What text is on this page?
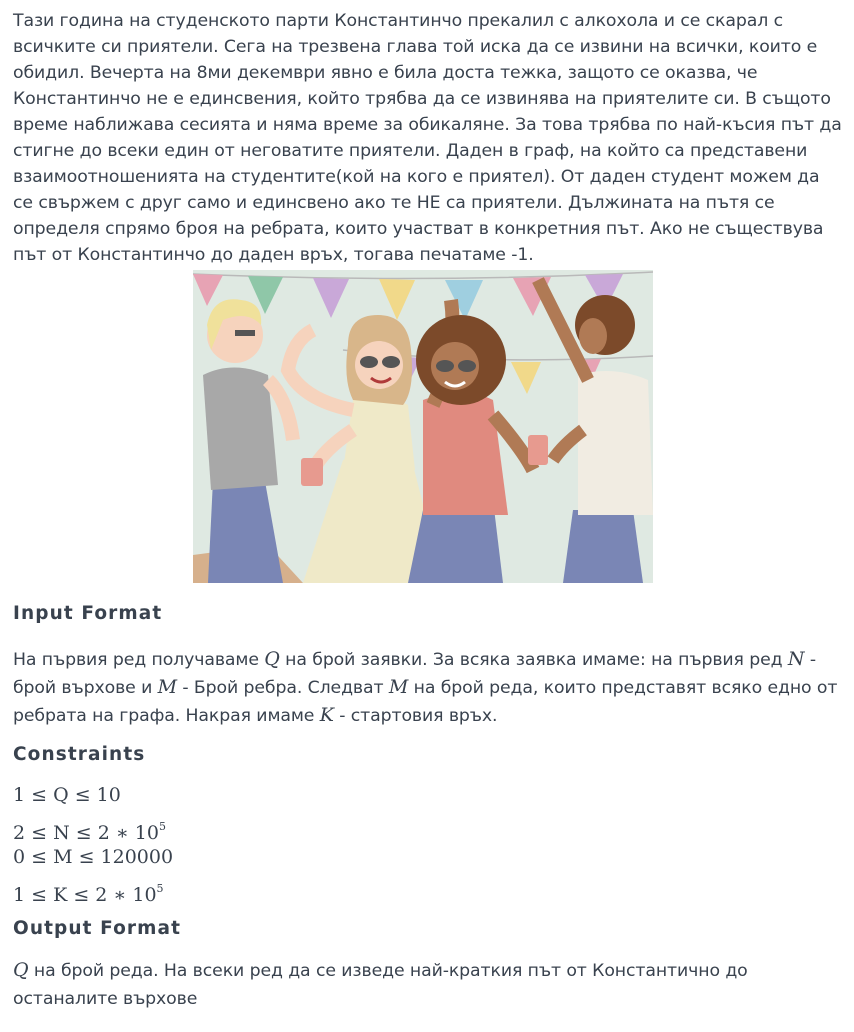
Тази година на студенското парти Константинчо прекалил с алкохола и се скарал с всичките си приятели. Сега на трезвена глава той иска да се извини на всички, които е обидил. Вечерта на 8ми декември явно е била доста тежка, защото се оказва, че Константинчо не е единсвения, който трябва да се извинява на приятелите си. В същото време наближава сесията и няма време за обикаляне. За това трябва по най-късия път да стигне до всеки един от неговатите приятели. Даден в граф, на който са представени взаимоотношенията на студентите(кой на кого е приятел). От даден студент можем да се свържем с друг само и единсвено ако те НЕ са приятели. Дължината на пътя се определя спрямо броя на ребрата, които участват в конкретния път. Ако не съществува път от Константинчо до даден връх, тогава печатаме -1.

Input Format

На първия ред получаваме Q на брой заявки. За всяка заявка имаме: на първия ред N - брой върхове и M - Брой ребра. Следват M на брой реда, които представят всяко едно от ребрата на графа. Накрая имаме K - стартовия връх.

Constraints

1 ≤ Q ≤ 10
2 ≤ N ≤ 2 ∗ $10^5$
0 ≤ M ≤ 120000
1 ≤ K ≤ 2 ∗ $10^5$

Output Format

Q на брой реда. На всеки ред да се изведе най-краткия път от Константично до останалите върхове
